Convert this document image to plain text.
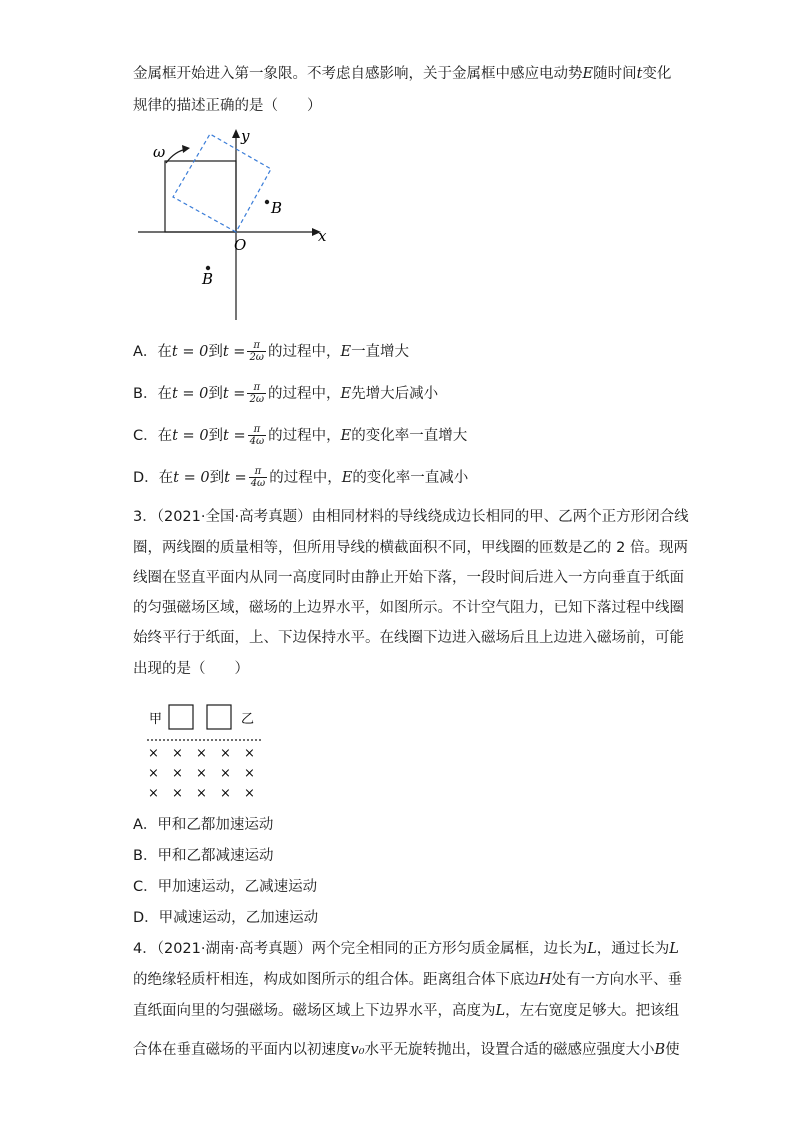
金属框开始进入第一象限。不考虑自感影响，关于金属框中感应电动势E随时间t变化
规律的描述正确的是（　　）
ω
y
x
O
B
B
A．在t = 0到$t = \frac{\pi}{2\omega}$ 的过程中，E一直增大
B．在t = 0到$t = \frac{\pi}{2\omega}$ 的过程中，E先增大后减小
C．在t = 0到$t = \frac{\pi}{4\omega}$ 的过程中，E的变化率一直增大
D．在t = 0到$t = \frac{\pi}{4\omega}$ 的过程中，E的变化率一直减小
3．（2021·全国·高考真题）由相同材料的导线绕成边长相同的甲、乙两个正方形闭合线
圈，两线圈的质量相等，但所用导线的横截面积不同，甲线圈的匝数是乙的 2 倍。现两
线圈在竖直平面内从同一高度同时由静止开始下落，一段时间后进入一方向垂直于纸面
的匀强磁场区域，磁场的上边界水平，如图所示。不计空气阻力，已知下落过程中线圈
始终平行于纸面，上、下边保持水平。在线圈下边进入磁场后且上边进入磁场前，可能
出现的是（　　）
甲	乙
× × × × ×
× × × × ×
× × × × ×
A．甲和乙都加速运动
B．甲和乙都减速运动
C．甲加速运动，乙减速运动
D．甲减速运动，乙加速运动
4．（2021·湖南·高考真题）两个完全相同的正方形匀质金属框，边长为L，通过长为L
的绝缘轻质杆相连，构成如图所示的组合体。距离组合体下底边H处有一方向水平、垂
直纸面向里的匀强磁场。磁场区域上下边界水平，高度为L，左右宽度足够大。把该组
合体在垂直磁场的平面内以初速度v₀水平无旋转抛出，设置合适的磁感应强度大小B使
